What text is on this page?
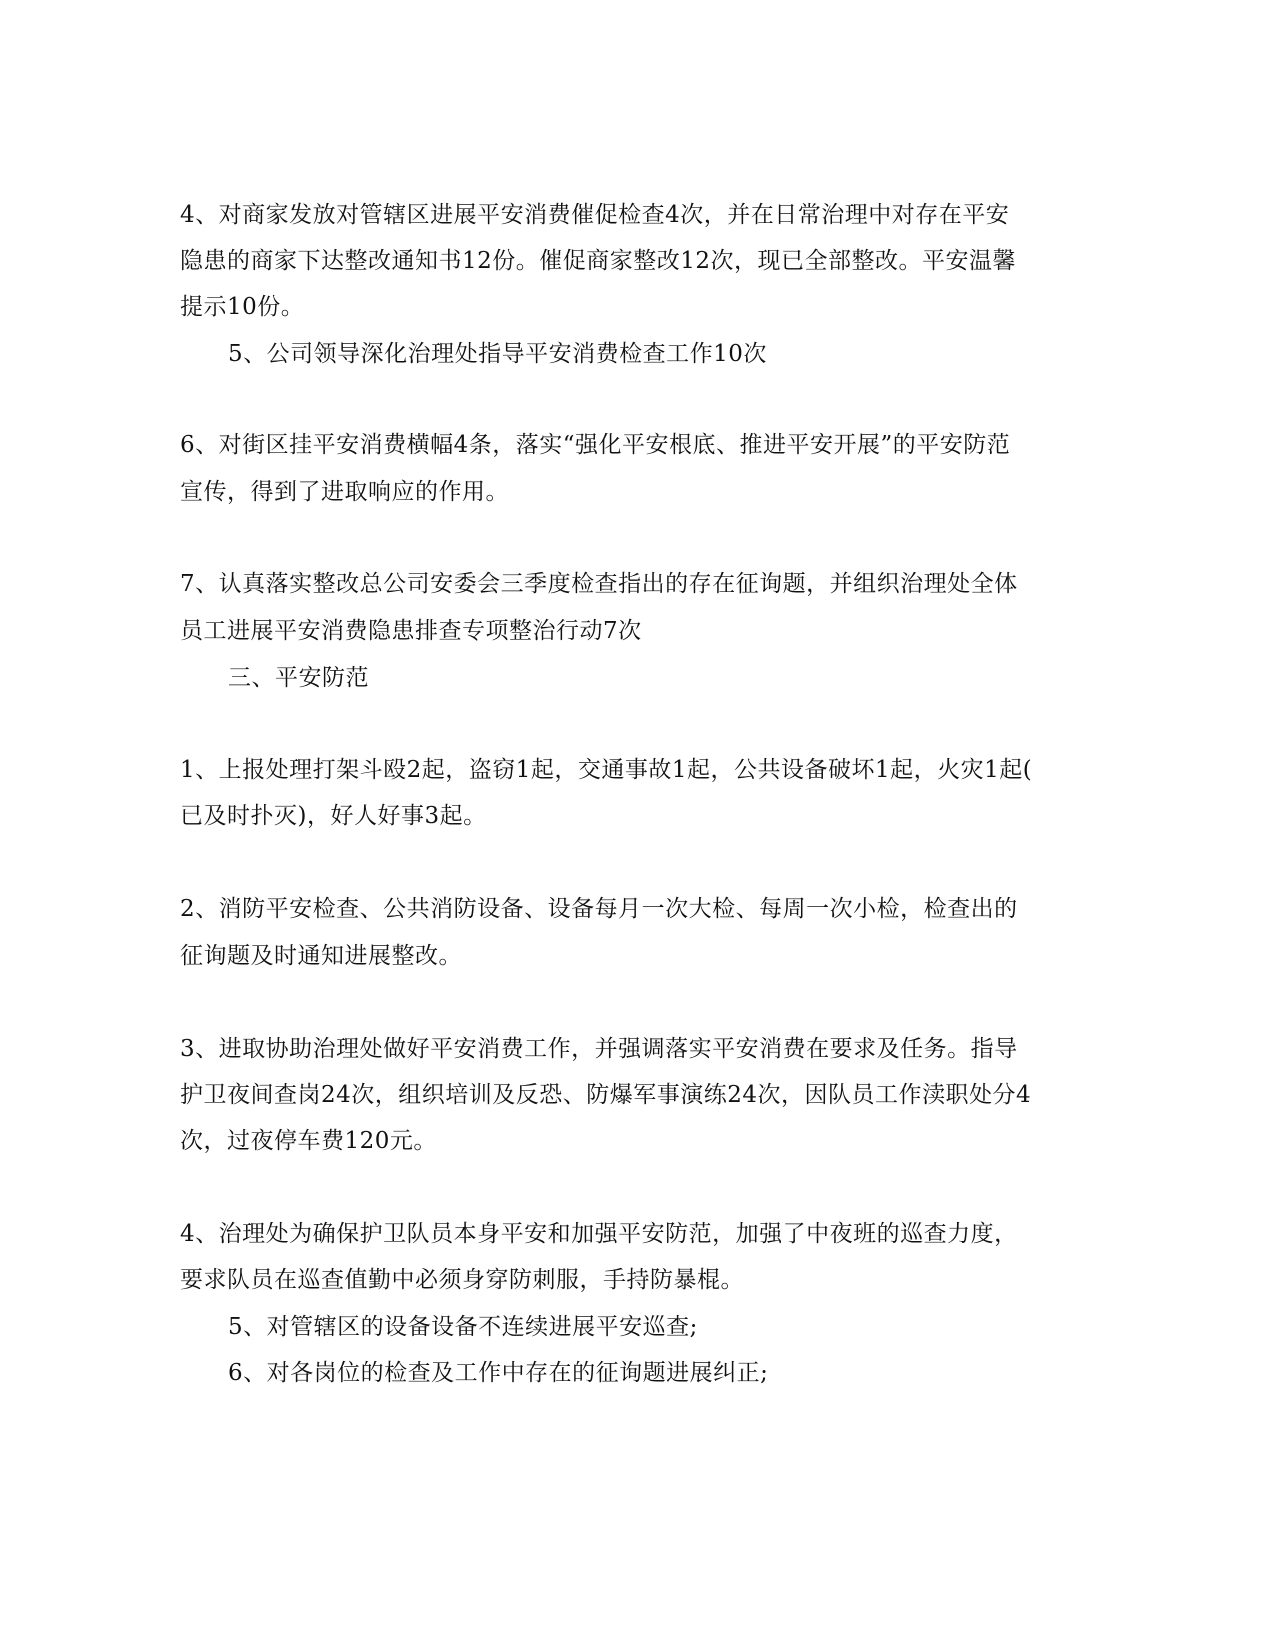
4、对商家发放对管辖区进展平安消费催促检查4次，并在日常治理中对存在平安
隐患的商家下达整改通知书12份。催促商家整改12次，现已全部整改。平安温馨
提示10份。
5、公司领导深化治理处指导平安消费检查工作10次
6、对街区挂平安消费横幅4条，落实“强化平安根底、推进平安开展”的平安防范
宣传，得到了进取响应的作用。
7、认真落实整改总公司安委会三季度检查指出的存在征询题，并组织治理处全体
员工进展平安消费隐患排查专项整治行动7次
三、平安防范
1、上报处理打架斗殴2起，盗窃1起，交通事故1起，公共设备破坏1起，火灾1起(
已及时扑灭)，好人好事3起。
2、消防平安检查、公共消防设备、设备每月一次大检、每周一次小检，检查出的
征询题及时通知进展整改。
3、进取协助治理处做好平安消费工作，并强调落实平安消费在要求及任务。指导
护卫夜间查岗24次，组织培训及反恐、防爆军事演练24次，因队员工作渎职处分4
次，过夜停车费120元。
4、治理处为确保护卫队员本身平安和加强平安防范，加强了中夜班的巡查力度，
要求队员在巡查值勤中必须身穿防刺服，手持防暴棍。
5、对管辖区的设备设备不连续进展平安巡查;
6、对各岗位的检查及工作中存在的征询题进展纠正;
